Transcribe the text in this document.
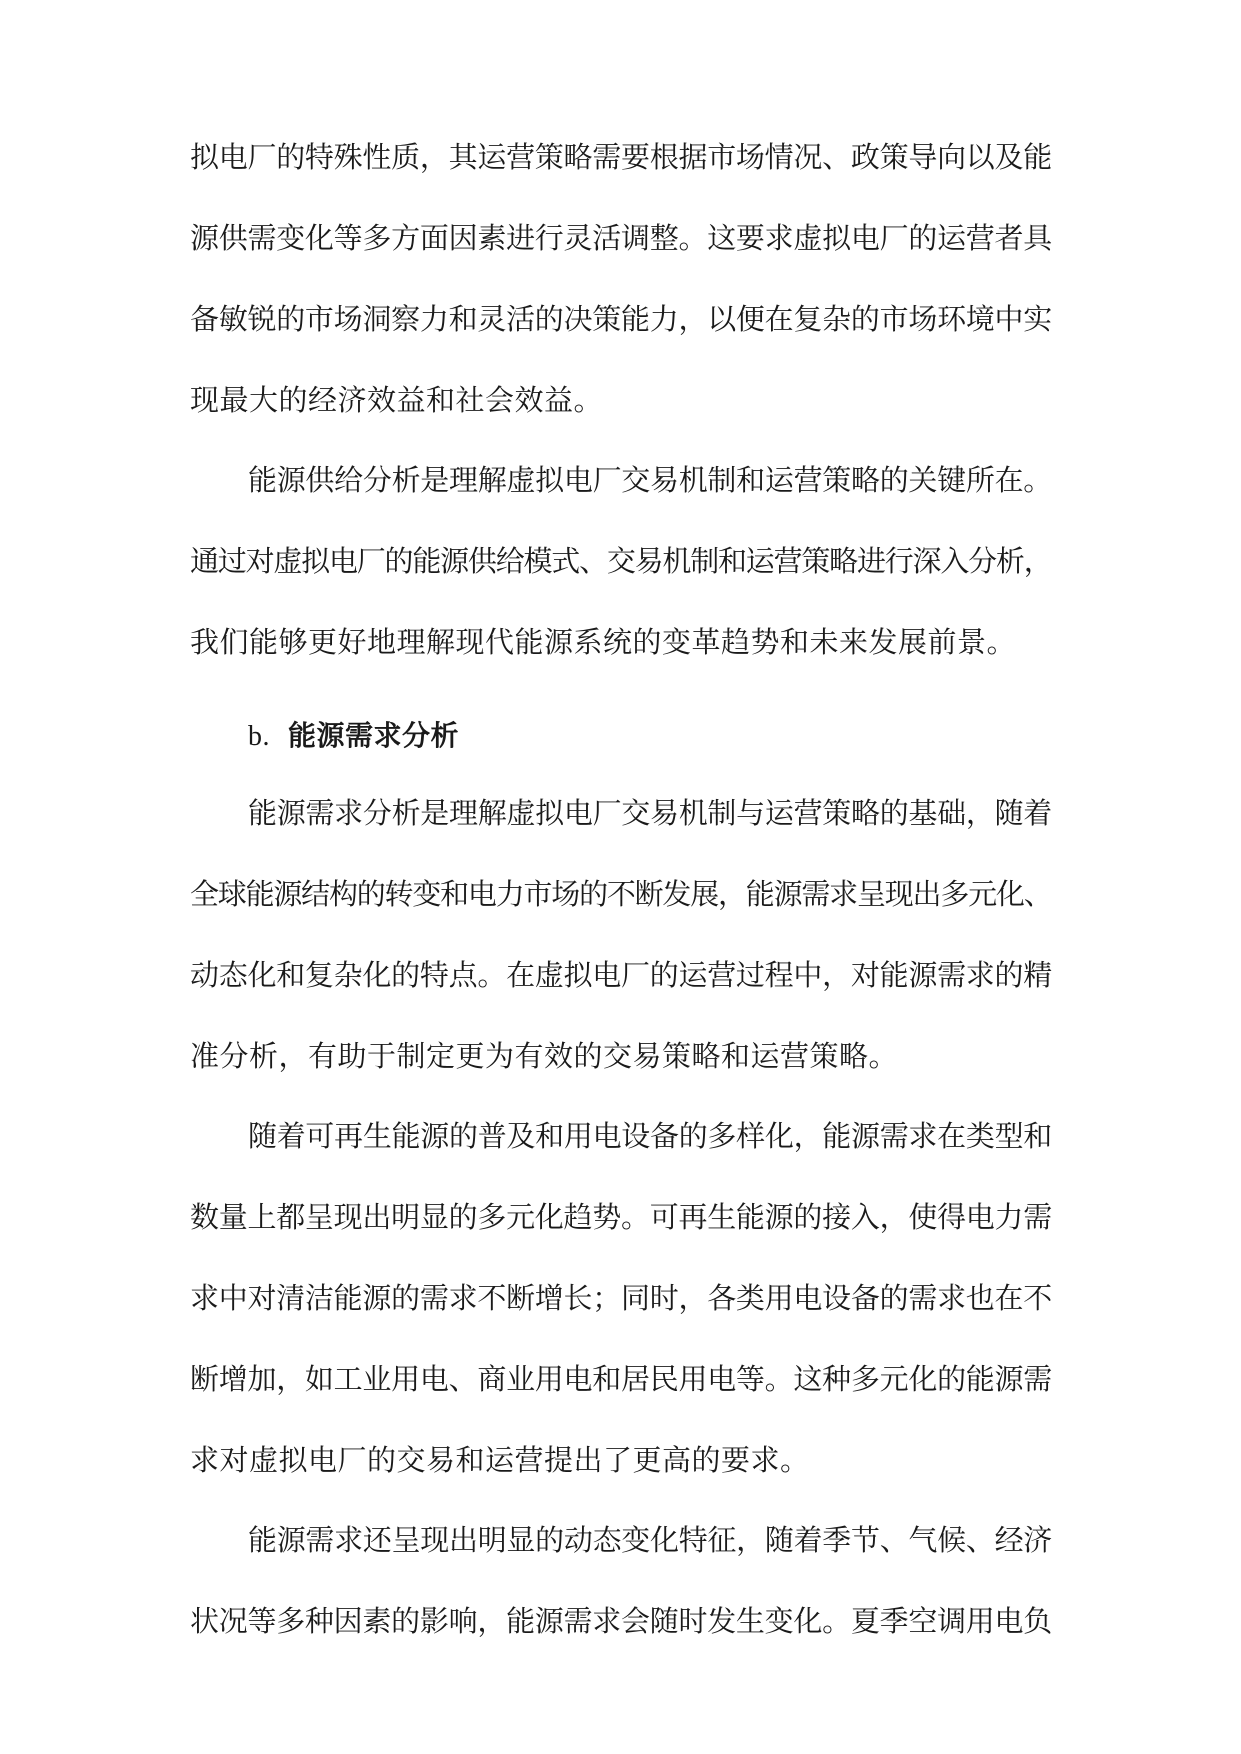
拟电厂的特殊性质，其运营策略需要根据市场情况、政策导向以及能
源供需变化等多方面因素进行灵活调整。这要求虚拟电厂的运营者具
备敏锐的市场洞察力和灵活的决策能力，以便在复杂的市场环境中实
现最大的经济效益和社会效益。
能源供给分析是理解虚拟电厂交易机制和运营策略的关键所在。
通过对虚拟电厂的能源供给模式、交易机制和运营策略进行深入分析，
我们能够更好地理解现代能源系统的变革趋势和未来发展前景。
b. 能源需求分析
能源需求分析是理解虚拟电厂交易机制与运营策略的基础，随着
全球能源结构的转变和电力市场的不断发展，能源需求呈现出多元化、
动态化和复杂化的特点。在虚拟电厂的运营过程中，对能源需求的精
准分析，有助于制定更为有效的交易策略和运营策略。
随着可再生能源的普及和用电设备的多样化，能源需求在类型和
数量上都呈现出明显的多元化趋势。可再生能源的接入，使得电力需
求中对清洁能源的需求不断增长；同时，各类用电设备的需求也在不
断增加，如工业用电、商业用电和居民用电等。这种多元化的能源需
求对虚拟电厂的交易和运营提出了更高的要求。
能源需求还呈现出明显的动态变化特征，随着季节、气候、经济
状况等多种因素的影响，能源需求会随时发生变化。夏季空调用电负
